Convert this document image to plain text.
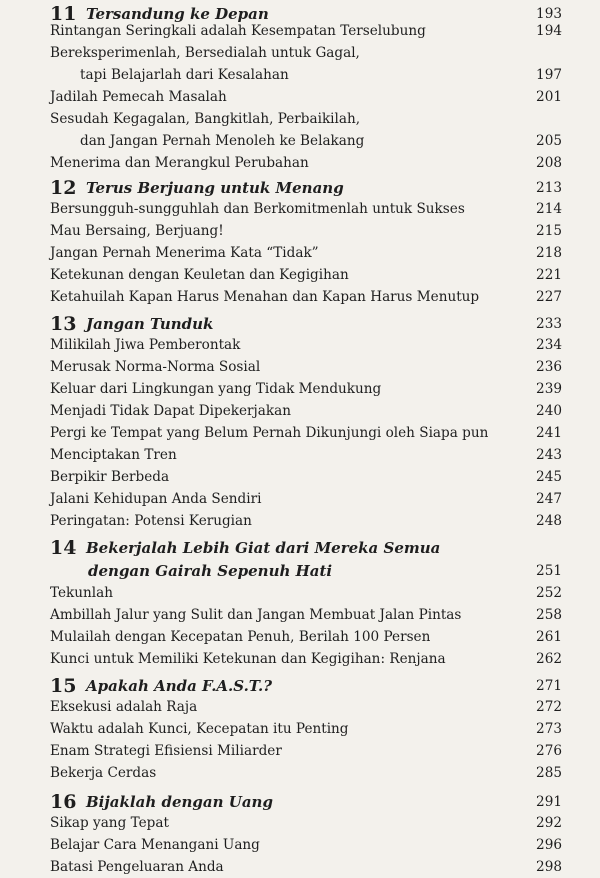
11 Tersandung ke Depan	193
Rintangan Seringkali adalah Kesempatan Terselubung	194
Bereksperimenlah, Bersedialah untuk Gagal,
tapi Belajarlah dari Kesalahan	197
Jadilah Pemecah Masalah	201
Sesudah Kegagalan, Bangkitlah, Perbaikilah,
dan Jangan Pernah Menoleh ke Belakang	205
Menerima dan Merangkul Perubahan	208
12 Terus Berjuang untuk Menang	213
Bersungguh-sungguhlah dan Berkomitmenlah untuk Sukses	214
Mau Bersaing, Berjuang!	215
Jangan Pernah Menerima Kata “Tidak”	218
Ketekunan dengan Keuletan dan Kegigihan	221
Ketahuilah Kapan Harus Menahan dan Kapan Harus Menutup	227
13 Jangan Tunduk	233
Milikilah Jiwa Pemberontak	234
Merusak Norma-Norma Sosial	236
Keluar dari Lingkungan yang Tidak Mendukung	239
Menjadi Tidak Dapat Dipekerjakan	240
Pergi ke Tempat yang Belum Pernah Dikunjungi oleh Siapa pun	241
Menciptakan Tren	243
Berpikir Berbeda	245
Jalani Kehidupan Anda Sendiri	247
Peringatan: Potensi Kerugian	248
14 Bekerjalah Lebih Giat dari Mereka Semua
dengan Gairah Sepenuh Hati	251
Tekunlah	252
Ambillah Jalur yang Sulit dan Jangan Membuat Jalan Pintas	258
Mulailah dengan Kecepatan Penuh, Berilah 100 Persen	261
Kunci untuk Memiliki Ketekunan dan Kegigihan: Renjana	262
15 Apakah Anda F.A.S.T.?	271
Eksekusi adalah Raja	272
Waktu adalah Kunci, Kecepatan itu Penting	273
Enam Strategi Efisiensi Miliarder	276
Bekerja Cerdas	285
16 Bijaklah dengan Uang	291
Sikap yang Tepat	292
Belajar Cara Menangani Uang	296
Batasi Pengeluaran Anda	298
